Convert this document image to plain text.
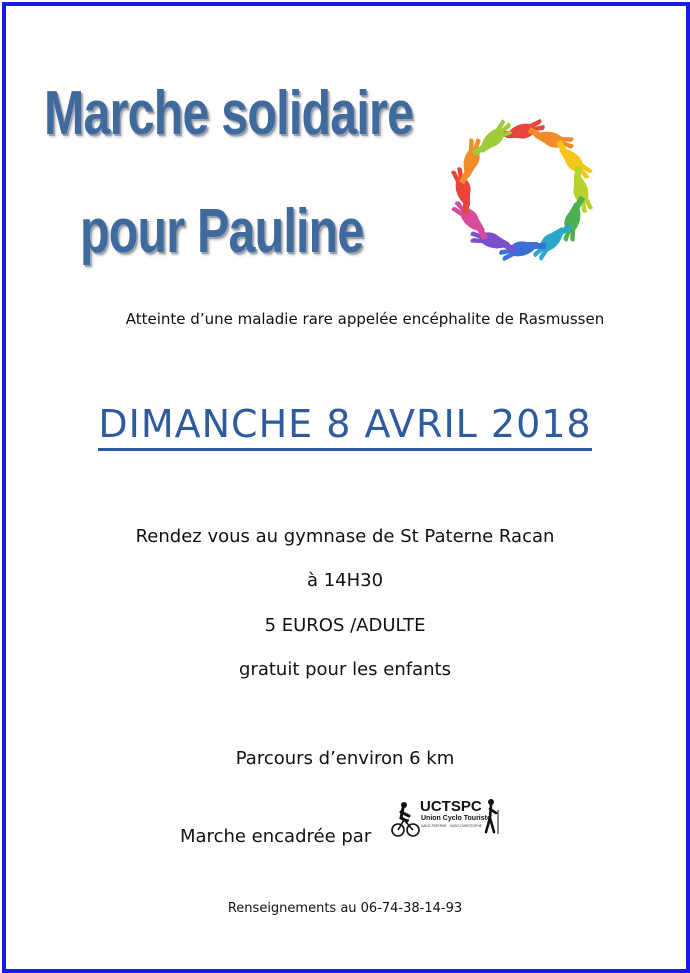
Marche solidaire
pour Pauline
Atteinte d’une maladie rare appelée encéphalite de Rasmussen
DIMANCHE 8 AVRIL 2018
Rendez vous au gymnase de St Paterne Racan
à 14H30
5 EUROS /ADULTE
gratuit pour les enfants
Parcours d’environ 6 km
Marche encadrée par
UCTSPC
Union Cyclo Touriste
SAINT-PATERNE · SAINT-CHRISTOPHE
Renseignements au 06-74-38-14-93
